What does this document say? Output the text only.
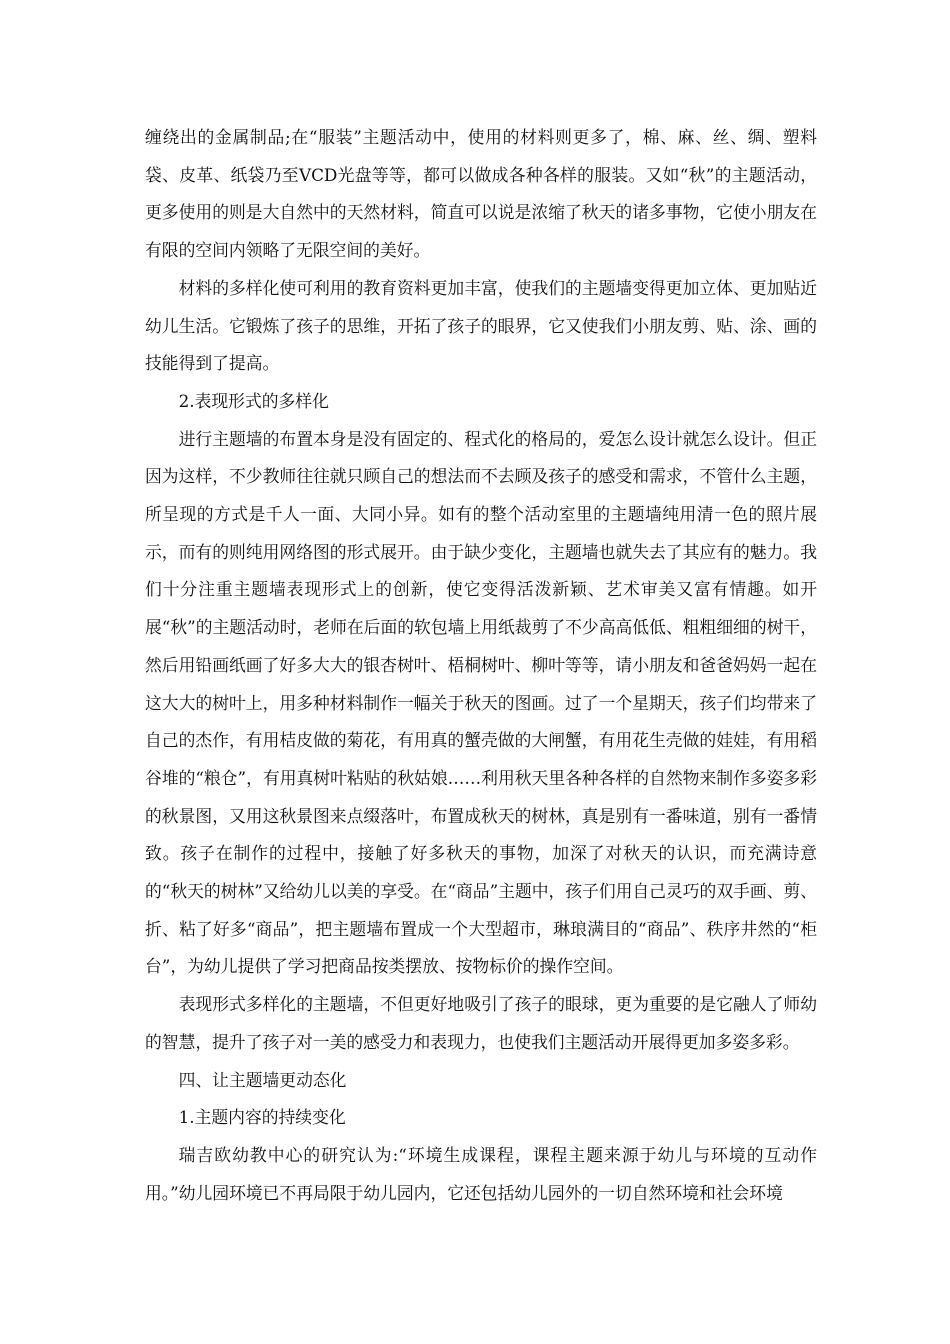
缠绕出的金属制品;在“服装”主题活动中，使用的材料则更多了，棉、麻、丝、绸、塑料袋、皮革、纸袋乃至VCD光盘等等，都可以做成各种各样的服装。又如“秋”的主题活动，更多使用的则是大自然中的天然材料，简直可以说是浓缩了秋天的诸多事物，它使小朋友在有限的空间内领略了无限空间的美好。

材料的多样化使可利用的教育资料更加丰富，使我们的主题墙变得更加立体、更加贴近幼儿生活。它锻炼了孩子的思维，开拓了孩子的眼界，它又使我们小朋友剪、贴、涂、画的技能得到了提高。

2.表现形式的多样化

进行主题墙的布置本身是没有固定的、程式化的格局的，爱怎么设计就怎么设计。但正因为这样，不少教师往往就只顾自己的想法而不去顾及孩子的感受和需求，不管什么主题，所呈现的方式是千人一面、大同小异。如有的整个活动室里的主题墙纯用清一色的照片展示，而有的则纯用网络图的形式展开。由于缺少变化，主题墙也就失去了其应有的魅力。我们十分注重主题墙表现形式上的创新，使它变得活泼新颖、艺术审美又富有情趣。如开展“秋”的主题活动时，老师在后面的软包墙上用纸裁剪了不少高高低低、粗粗细细的树干，然后用铅画纸画了好多大大的银杏树叶、梧桐树叶、柳叶等等，请小朋友和爸爸妈妈一起在这大大的树叶上，用多种材料制作一幅关于秋天的图画。过了一个星期天，孩子们均带来了自己的杰作，有用桔皮做的菊花，有用真的蟹壳做的大闸蟹，有用花生壳做的娃娃，有用稻谷堆的“粮仓”，有用真树叶粘贴的秋姑娘……利用秋天里各种各样的自然物来制作多姿多彩的秋景图，又用这秋景图来点缀落叶，布置成秋天的树林，真是别有一番味道，别有一番情致。孩子在制作的过程中，接触了好多秋天的事物，加深了对秋天的认识，而充满诗意的“秋天的树林”又给幼儿以美的享受。在“商品”主题中，孩子们用自己灵巧的双手画、剪、折、粘了好多“商品”，把主题墙布置成一个大型超市，琳琅满目的“商品”、秩序井然的“柜台”，为幼儿提供了学习把商品按类摆放、按物标价的操作空间。

表现形式多样化的主题墙，不但更好地吸引了孩子的眼球，更为重要的是它融人了师幼的智慧，提升了孩子对一美的感受力和表现力，也使我们主题活动开展得更加多姿多彩。

四、让主题墙更动态化

1.主题内容的持续变化

瑞吉欧幼教中心的研究认为:“环境生成课程，课程主题来源于幼儿与环境的互动作用。”幼儿园环境已不再局限于幼儿园内，它还包括幼儿园外的一切自然环境和社会环境
